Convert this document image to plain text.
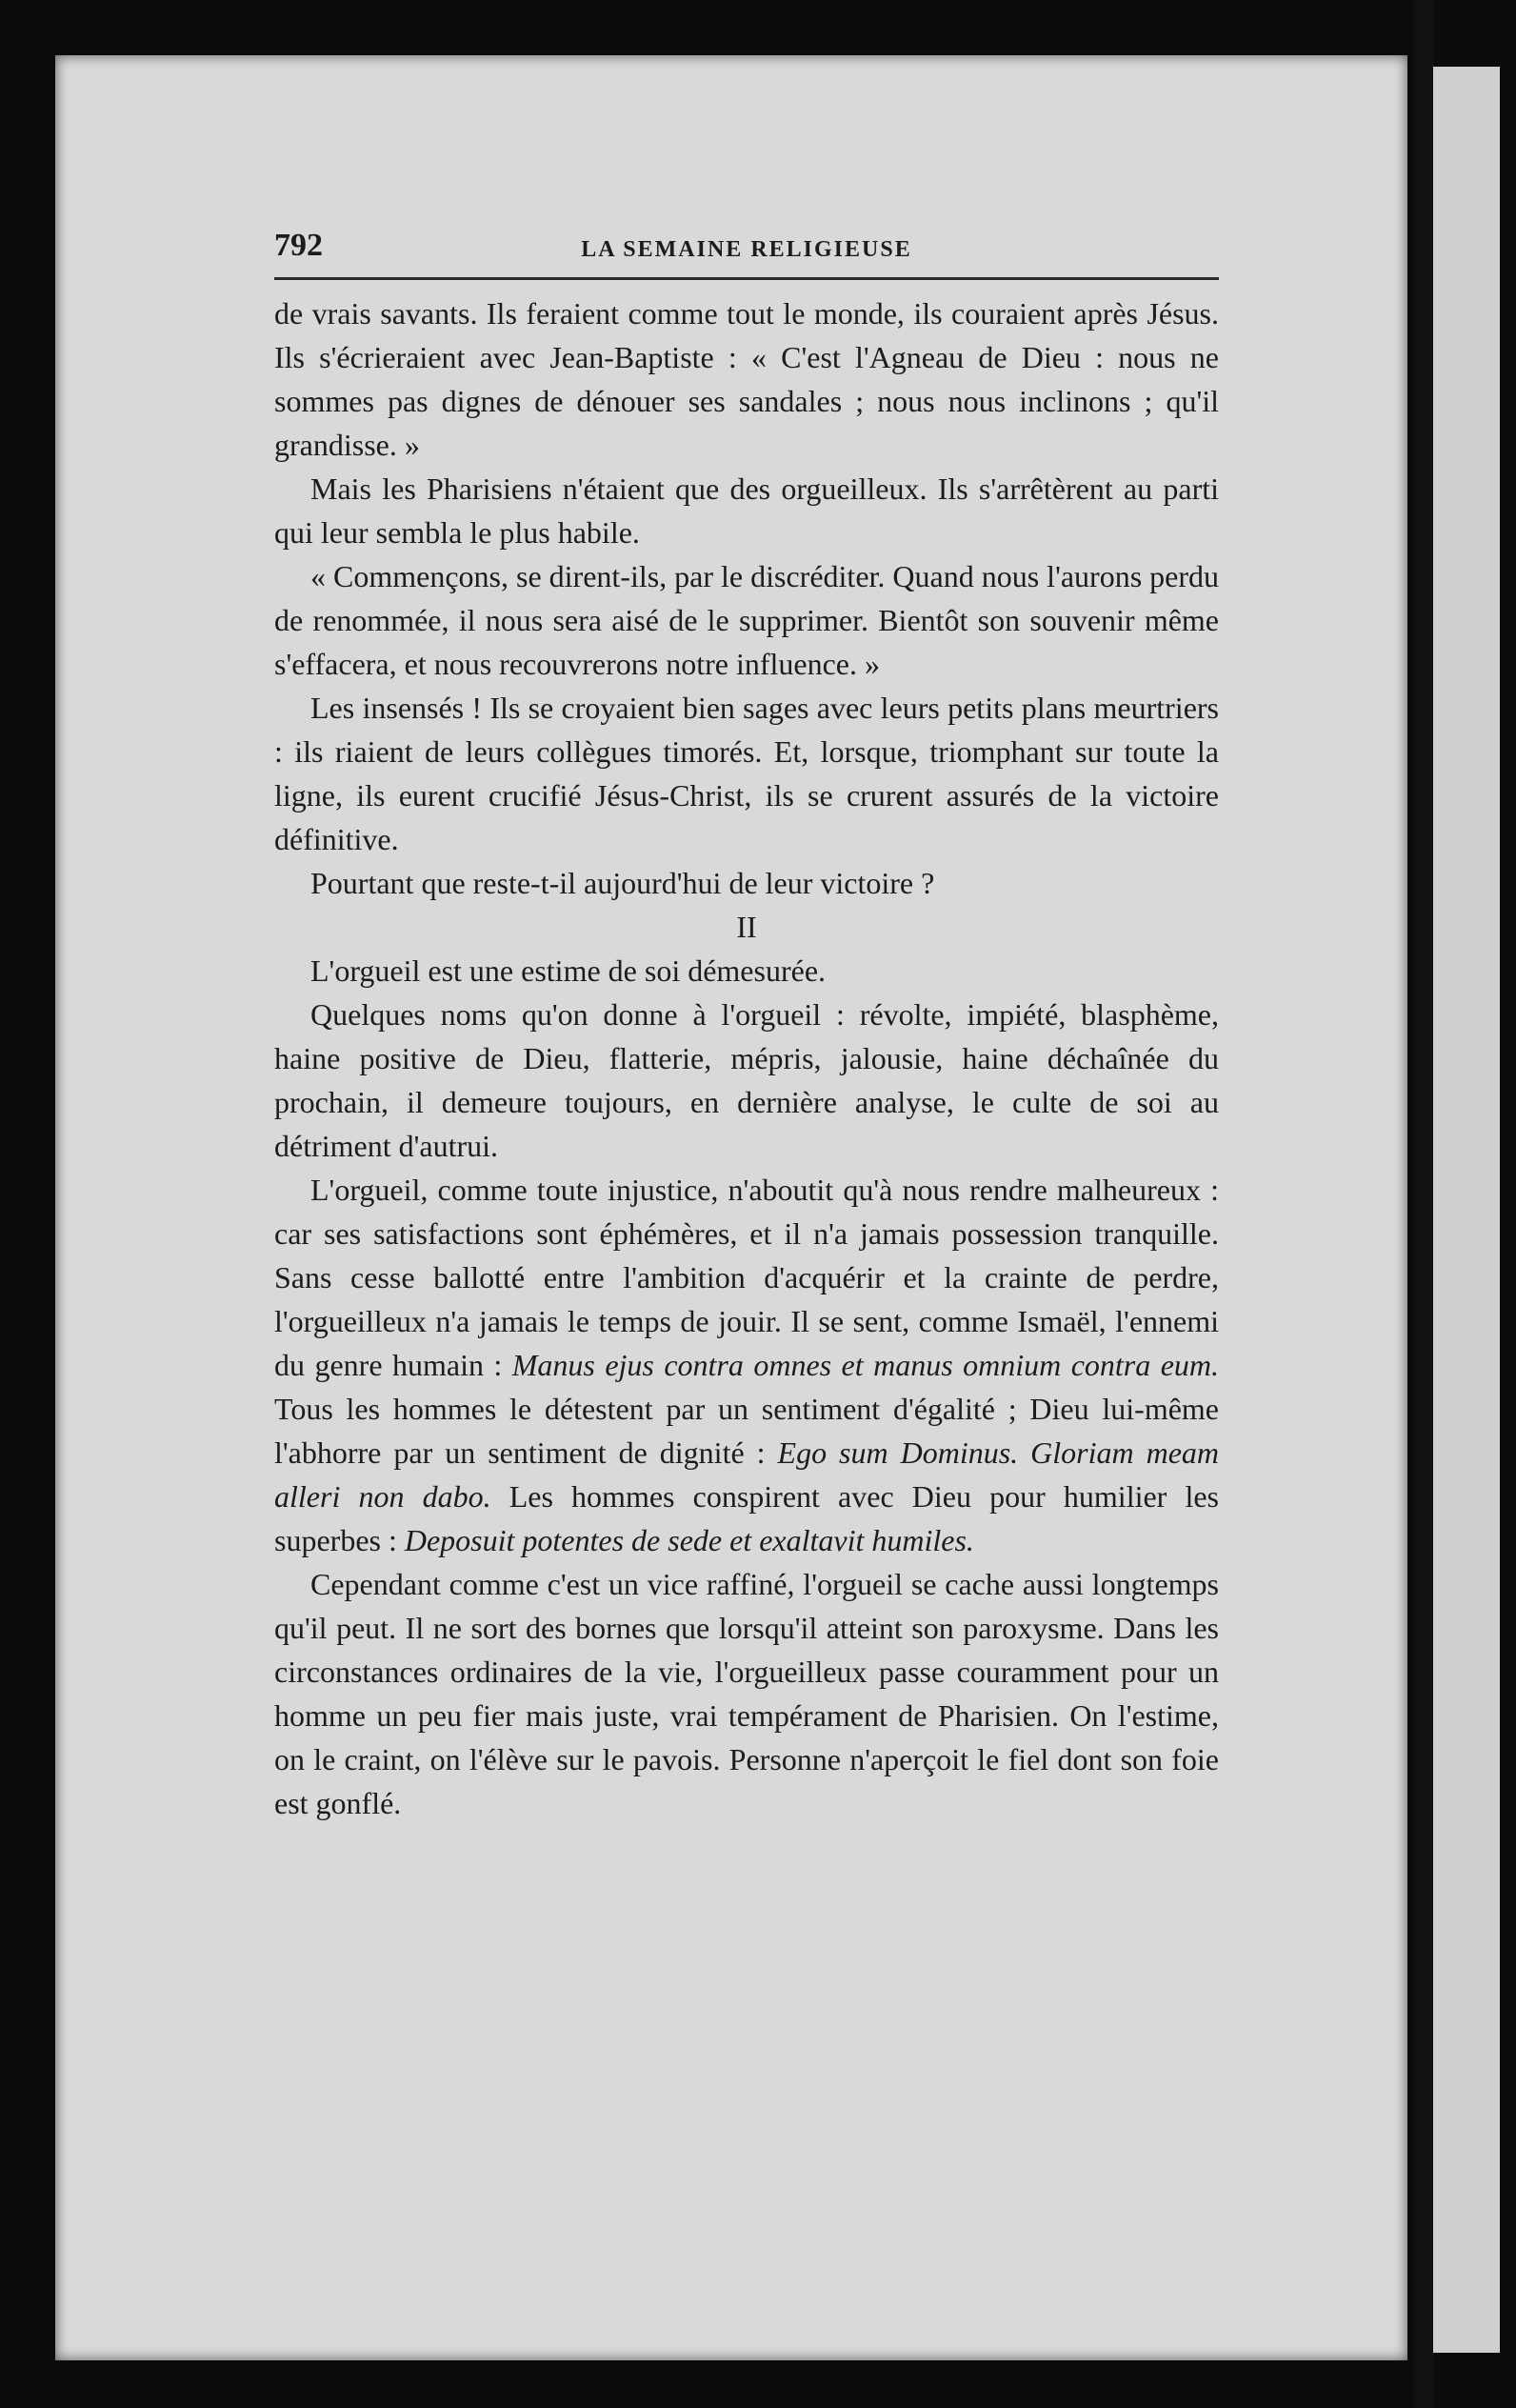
792	LA SEMAINE RELIGIEUSE

de vrais savants. Ils feraient comme tout le monde, ils couraient après Jésus. Ils s'écrieraient avec Jean-Baptiste : « C'est l'Agneau de Dieu : nous ne sommes pas dignes de dénouer ses sandales ; nous nous inclinons ; qu'il grandisse. »

Mais les Pharisiens n'étaient que des orgueilleux. Ils s'arrêtèrent au parti qui leur sembla le plus habile.

« Commençons, se dirent-ils, par le discréditer. Quand nous l'aurons perdu de renommée, il nous sera aisé de le supprimer. Bientôt son souvenir même s'effacera, et nous recouvrerons notre influence. »

Les insensés ! Ils se croyaient bien sages avec leurs petits plans meurtriers : ils riaient de leurs collègues timorés. Et, lorsque, triomphant sur toute la ligne, ils eurent crucifié Jésus-Christ, ils se crurent assurés de la victoire définitive.

Pourtant que reste-t-il aujourd'hui de leur victoire ?

II

L'orgueil est une estime de soi démesurée.

Quelques noms qu'on donne à l'orgueil : révolte, impiété, blasphème, haine positive de Dieu, flatterie, mépris, jalousie, haine déchaînée du prochain, il demeure toujours, en dernière analyse, le culte de soi au détriment d'autrui.

L'orgueil, comme toute injustice, n'aboutit qu'à nous rendre malheureux : car ses satisfactions sont éphémères, et il n'a jamais possession tranquille. Sans cesse ballotté entre l'ambition d'acquérir et la crainte de perdre, l'orgueilleux n'a jamais le temps de jouir. Il se sent, comme Ismaël, l'ennemi du genre humain : Manus ejus contra omnes et manus omnium contra eum. Tous les hommes le détestent par un sentiment d'égalité ; Dieu lui-même l'abhorre par un sentiment de dignité : Ego sum Dominus. Gloriam meam alleri non dabo. Les hommes conspirent avec Dieu pour humilier les superbes : Deposuit potentes de sede et exaltavit humiles.

Cependant comme c'est un vice raffiné, l'orgueil se cache aussi longtemps qu'il peut. Il ne sort des bornes que lorsqu'il atteint son paroxysme. Dans les circonstances ordinaires de la vie, l'orgueilleux passe couramment pour un homme un peu fier mais juste, vrai tempérament de Pharisien. On l'estime, on le craint, on l'élève sur le pavois. Personne n'aperçoit le fiel dont son foie est gonflé.
